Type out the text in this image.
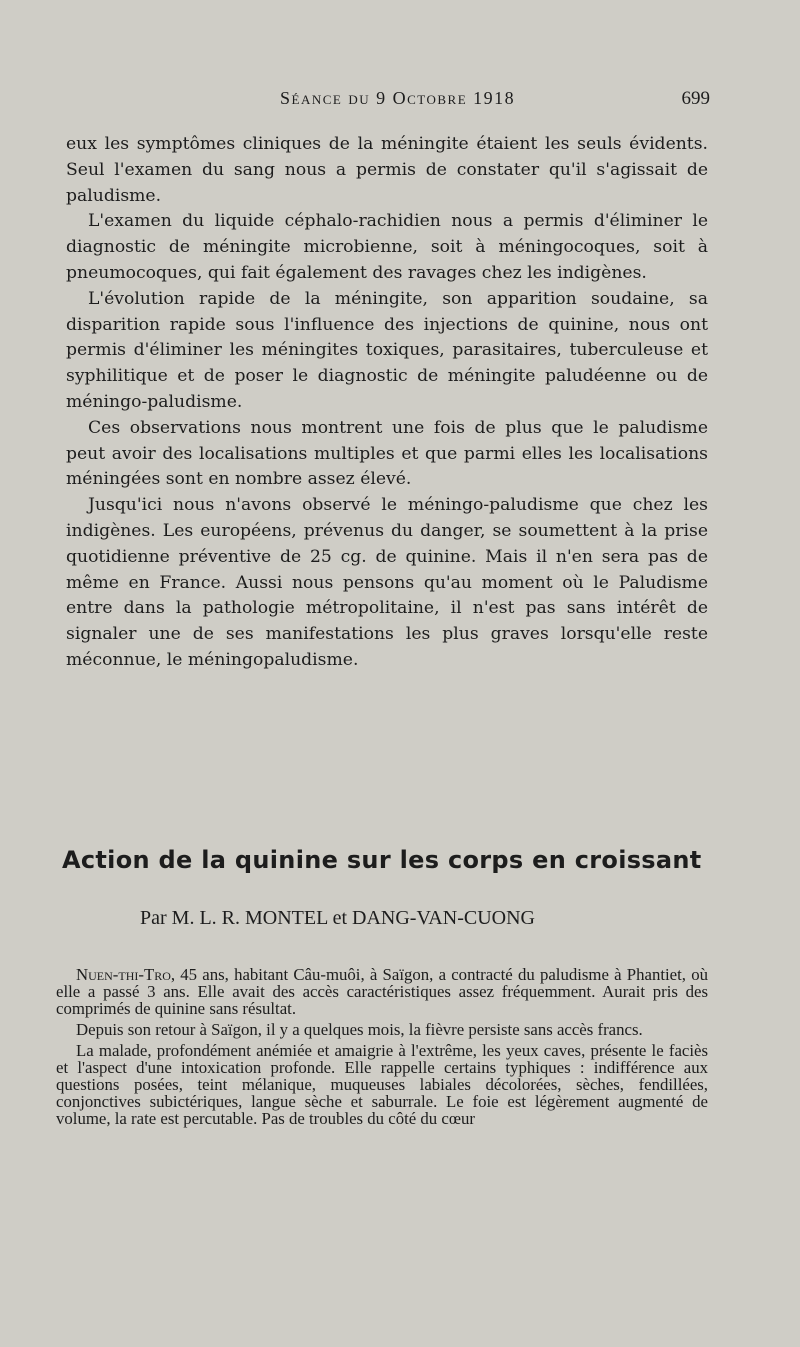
Séance du 9 Octobre 1918	699

eux les symptômes cliniques de la méningite étaient les seuls évidents. Seul l'examen du sang nous a permis de constater qu'il s'agissait de paludisme.

L'examen du liquide céphalo-rachidien nous a permis d'éliminer le diagnostic de méningite microbienne, soit à méningocoques, soit à pneumocoques, qui fait également des ravages chez les indigènes.

L'évolution rapide de la méningite, son apparition soudaine, sa disparition rapide sous l'influence des injections de quinine, nous ont permis d'éliminer les méningites toxiques, parasitaires, tuberculeuse et syphilitique et de poser le diagnostic de méningite paludéenne ou de méningo-paludisme.

Ces observations nous montrent une fois de plus que le paludisme peut avoir des localisations multiples et que parmi elles les localisations méningées sont en nombre assez élevé.

Jusqu'ici nous n'avons observé le méningo-paludisme que chez les indigènes. Les européens, prévenus du danger, se soumettent à la prise quotidienne préventive de 25 cg. de quinine. Mais il n'en sera pas de même en France. Aussi nous pensons qu'au moment où le Paludisme entre dans la pathologie métropolitaine, il n'est pas sans intérêt de signaler une de ses manifestations les plus graves lorsqu'elle reste méconnue, le méningopaludisme.

Action de la quinine sur les corps en croissant

Par M. L. R. MONTEL et DANG-VAN-CUONG

Nuen-thi-Tro, 45 ans, habitant Câu-muôi, à Saïgon, a contracté du paludisme à Phantiet, où elle a passé 3 ans. Elle avait des accès caractéristiques assez fréquemment. Aurait pris des comprimés de quinine sans résultat.

Depuis son retour à Saïgon, il y a quelques mois, la fièvre persiste sans accès francs.

La malade, profondément anémiée et amaigrie à l'extrême, les yeux caves, présente le faciès et l'aspect d'une intoxication profonde. Elle rappelle certains typhiques : indifférence aux questions posées, teint mélanique, muqueuses labiales décolorées, sèches, fendillées, conjonctives subictériques, langue sèche et saburrale. Le foie est légèrement augmenté de volume, la rate est percutable. Pas de troubles du côté du cœur
